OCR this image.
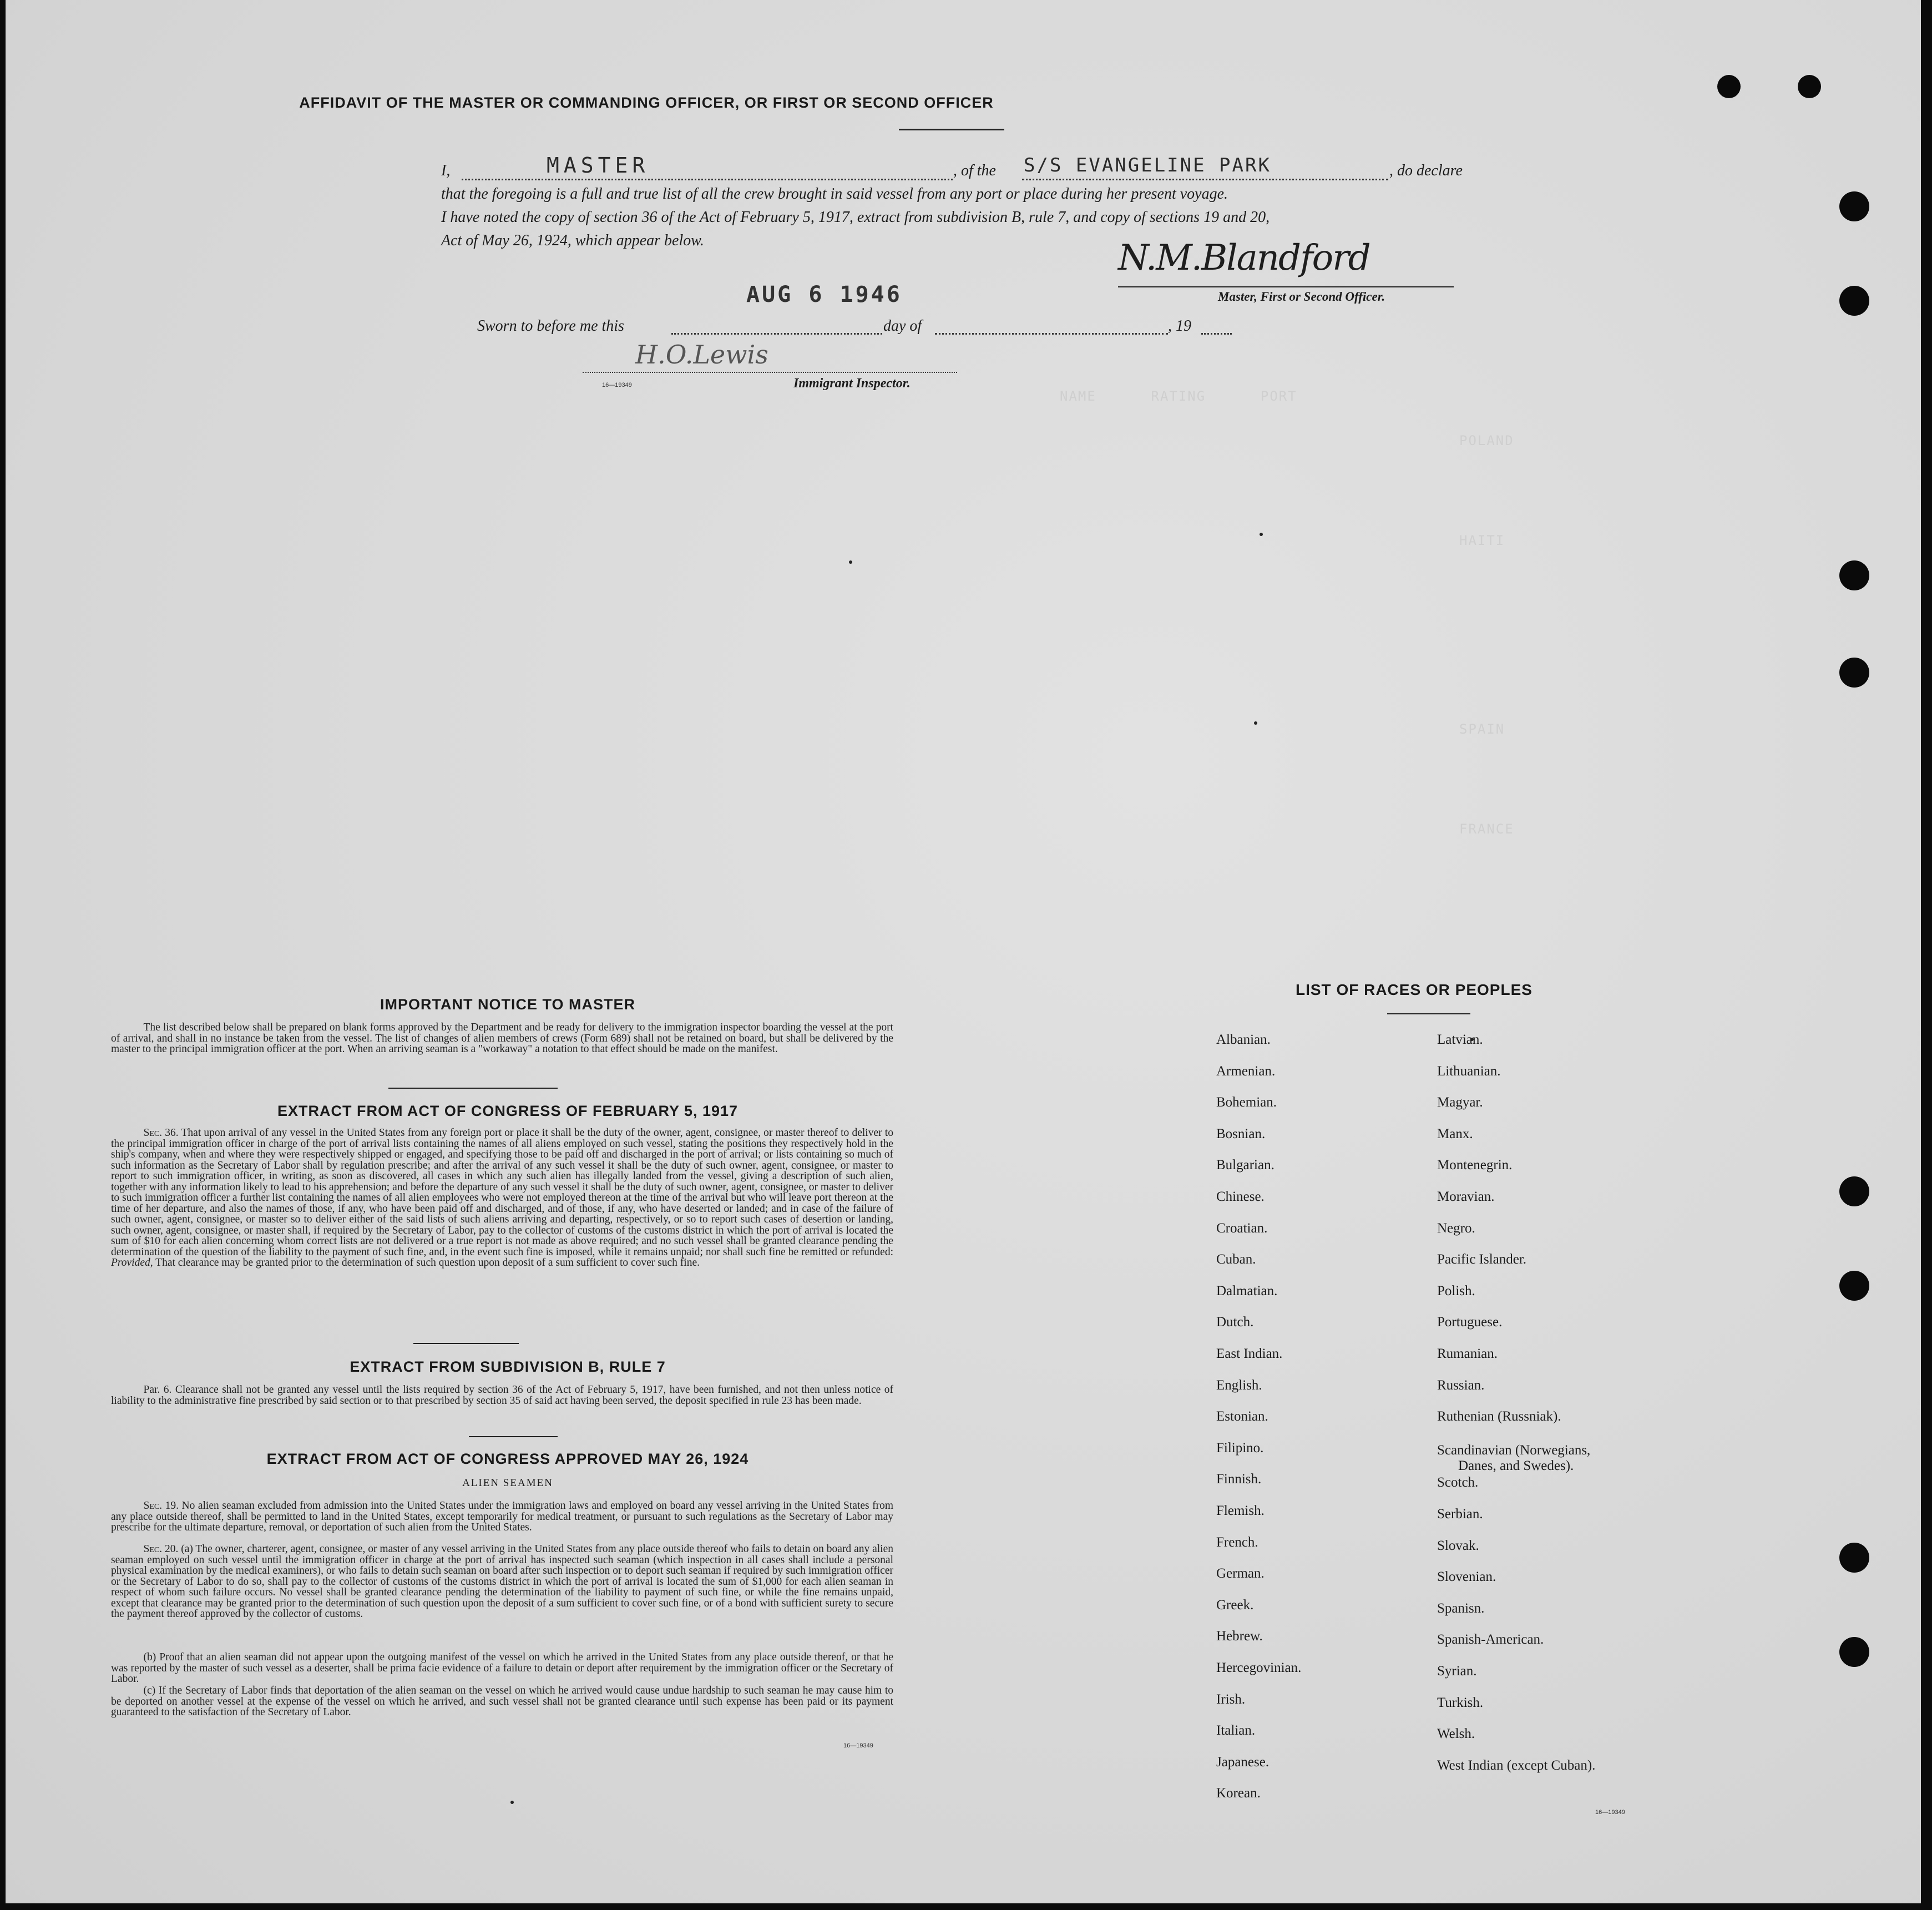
NAME      RATING      PORT
POLAND
HAITI
SPAIN
FRANCE
AFFIDAVIT OF THE MASTER OR COMMANDING OFFICER, OR FIRST OR SECOND OFFICER
I,	MASTER	, of the S/S EVANGELINE PARK	, do declare
that the foregoing is a full and true list of all the crew brought in said vessel from any port or place during her present voyage.
I have noted the copy of section 36 of the Act of February 5, 1917, extract from subdivision B, rule 7, and copy of sections 19 and 20,
Act of May 26, 1924, which appear below.	N.M.Blandford
Master, First or Second Officer.
AUG 6 1946
Sworn to before me this	day of	, 19
H.O.Lewis
16—19349	Immigrant Inspector.
IMPORTANT NOTICE TO MASTER
The list described below shall be prepared on blank forms approved by the Department and be ready for delivery to the immigration inspector boarding the vessel at the port of arrival, and shall in no instance be taken from the vessel. The list of changes of alien members of crews (Form 689) shall not be retained on board, but shall be delivered by the master to the principal immigration officer at the port. When an arriving seaman is a "workaway" a notation to that effect should be made on the manifest.
EXTRACT FROM ACT OF CONGRESS OF FEBRUARY 5, 1917
Sec. 36. That upon arrival of any vessel in the United States from any foreign port or place it shall be the duty of the owner, agent, consignee, or master thereof to deliver to the principal immigration officer in charge of the port of arrival lists containing the names of all aliens employed on such vessel, stating the positions they respectively hold in the ship's company, when and where they were respectively shipped or engaged, and specifying those to be paid off and discharged in the port of arrival; or lists containing so much of such information as the Secretary of Labor shall by regulation prescribe; and after the arrival of any such vessel it shall be the duty of such owner, agent, consignee, or master to report to such immigration officer, in writing, as soon as discovered, all cases in which any such alien has illegally landed from the vessel, giving a description of such alien, together with any information likely to lead to his apprehension; and before the departure of any such vessel it shall be the duty of such owner, agent, consignee, or master to deliver to such immigration officer a further list containing the names of all alien employees who were not employed thereon at the time of the arrival but who will leave port thereon at the time of her departure, and also the names of those, if any, who have been paid off and discharged, and of those, if any, who have deserted or landed; and in case of the failure of such owner, agent, consignee, or master so to deliver either of the said lists of such aliens arriving and departing, respectively, or so to report such cases of desertion or landing, such owner, agent, consignee, or master shall, if required by the Secretary of Labor, pay to the collector of customs of the customs district in which the port of arrival is located the sum of $10 for each alien concerning whom correct lists are not delivered or a true report is not made as above required; and no such vessel shall be granted clearance pending the determination of the question of the liability to the payment of such fine, and, in the event such fine is imposed, while it remains unpaid; nor shall such fine be remitted or refunded: Provided, That clearance may be granted prior to the determination of such question upon deposit of a sum sufficient to cover such fine.
EXTRACT FROM SUBDIVISION B, RULE 7
Par. 6. Clearance shall not be granted any vessel until the lists required by section 36 of the Act of February 5, 1917, have been furnished, and not then unless notice of liability to the administrative fine prescribed by said section or to that prescribed by section 35 of said act having been served, the deposit specified in rule 23 has been made.
EXTRACT FROM ACT OF CONGRESS APPROVED MAY 26, 1924
ALIEN SEAMEN
Sec. 19. No alien seaman excluded from admission into the United States under the immigration laws and employed on board any vessel arriving in the United States from any place outside thereof, shall be permitted to land in the United States, except temporarily for medical treatment, or pursuant to such regulations as the Secretary of Labor may prescribe for the ultimate departure, removal, or deportation of such alien from the United States.
Sec. 20. (a) The owner, charterer, agent, consignee, or master of any vessel arriving in the United States from any place outside thereof who fails to detain on board any alien seaman employed on such vessel until the immigration officer in charge at the port of arrival has inspected such seaman (which inspection in all cases shall include a personal physical examination by the medical examiners), or who fails to detain such seaman on board after such inspection or to deport such seaman if required by such immigration officer or the Secretary of Labor to do so, shall pay to the collector of customs of the customs district in which the port of arrival is located the sum of $1,000 for each alien seaman in respect of whom such failure occurs. No vessel shall be granted clearance pending the determination of the liability to payment of such fine, or while the fine remains unpaid, except that clearance may be granted prior to the determination of such question upon the deposit of a sum sufficient to cover such fine, or of a bond with sufficient surety to secure the payment thereof approved by the collector of customs.
(b) Proof that an alien seaman did not appear upon the outgoing manifest of the vessel on which he arrived in the United States from any place outside thereof, or that he was reported by the master of such vessel as a deserter, shall be prima facie evidence of a failure to detain or deport after requirement by the immigration officer or the Secretary of Labor.
(c) If the Secretary of Labor finds that deportation of the alien seaman on the vessel on which he arrived would cause undue hardship to such seaman he may cause him to be deported on another vessel at the expense of the vessel on which he arrived, and such vessel shall not be granted clearance until such expense has been paid or its payment guaranteed to the satisfaction of the Secretary of Labor.
16—19349
LIST OF RACES OR PEOPLES
16—19349
Albanian.
Armenian.
Bohemian.
Bosnian.
Bulgarian.
Chinese.
Croatian.
Cuban.
Dalmatian.
Dutch.
East Indian.
English.
Estonian.
Filipino.
Finnish.
Flemish.
French.
German.
Greek.
Hebrew.
Hercegovinian.
Irish.
Italian.
Japanese.
Korean.
Latvian.
Lithuanian.
Magyar.
Manx.
Montenegrin.
Moravian.
Negro.
Pacific Islander.
Polish.
Portuguese.
Rumanian.
Russian.
Ruthenian (Russniak).
Scandinavian (Norwegians,
Danes, and Swedes).
Scotch.
Serbian.
Slovak.
Slovenian.
Spanisn.
Spanish-American.
Syrian.
Turkish.
Welsh.
West Indian (except Cuban).
